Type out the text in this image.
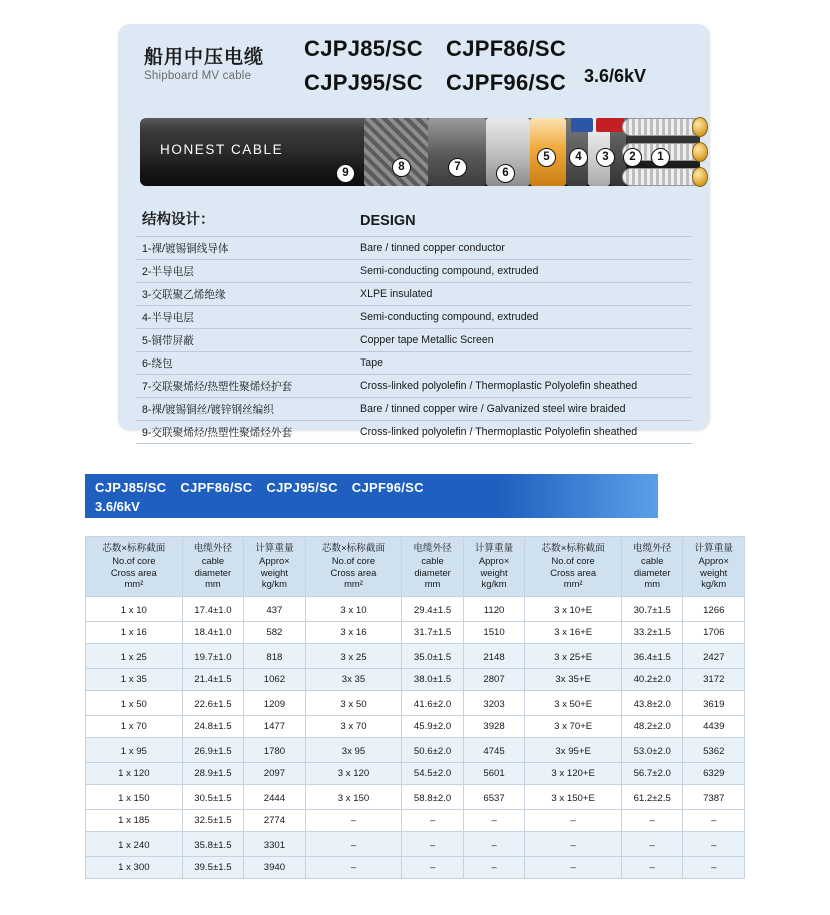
船用中压电缆
Shipboard MV cable
CJPJ85/SC
CJPJ95/SC
CJPF86/SC
CJPF96/SC 3.6/6kV
HONEST CABLE
9	8	7	6
5	4	3	2	1
结构设计：	DESIGN
1-裸/镀锡铜线导体	Bare / tinned copper conductor
2-半导电层	Semi-conducting compound, extruded
3-交联聚乙烯绝缘	XLPE insulated
4-半导电层	Semi-conducting compound, extruded
5-铜带屏蔽	Copper tape Metallic Screen
6-绕包	Tape
7-交联聚烯烃/热塑性聚烯烃护套	Cross-linked polyolefin / Thermoplastic Polyolefin sheathed
8-裸/镀锡铜丝/镀锌钢丝编织	Bare / tinned copper wire / Galvanized steel wire braided
9-交联聚烯烃/热塑性聚烯烃外套	Cross-linked polyolefin / Thermoplastic Polyolefin sheathed
CJPJ85/SC CJPF86/SC CJPJ95/SC CJPF96/SC
3.6/6kV
芯数×标称截面
No.of core
Cross area
mm²	电缆外径
cable
diameter
mm	计算重量
Appro×
weight
kg/km	芯数×标称截面
No.of core
Cross area
mm²	电缆外径
cable
diameter
mm	计算重量
Appro×
weight
kg/km	芯数×标称截面
No.of core
Cross area
mm²	电缆外径
cable
diameter
mm	计算重量
Appro×
weight
kg/km

1 x 10	17.4±1.0	437	3 x 10	29.4±1.5	1120	3 x 10+E	30.7±1.5	1266
1 x 16	18.4±1.0	582	3 x 16	31.7±1.5	1510	3 x 16+E	33.2±1.5	1706
1 x 25	19.7±1.0	818	3 x 25	35.0±1.5	2148	3 x 25+E	36.4±1.5	2427
1 x 35	21.4±1.5	1062	3x 35	38.0±1.5	2807	3x 35+E	40.2±2.0	3172
1 x 50	22.6±1.5	1209	3 x 50	41.6±2.0	3203	3 x 50+E	43.8±2.0	3619
1 x 70	24.8±1.5	1477	3 x 70	45.9±2.0	3928	3 x 70+E	48.2±2.0	4439
1 x 95	26.9±1.5	1780	3x 95	50.6±2.0	4745	3x 95+E	53.0±2.0	5362
1 x 120	28.9±1.5	2097	3 x 120	54.5±2.0	5601	3 x 120+E	56.7±2.0	6329
1 x 150	30.5±1.5	2444	3 x 150	58.8±2.0	6537	3 x 150+E	61.2±2.5	7387
1 x 185	32.5±1.5	2774	–	–	–	–	–	–
1 x 240	35.8±1.5	3301	–	–	–	–	–	–
1 x 300	39.5±1.5	3940	–	–	–	–	–	–
